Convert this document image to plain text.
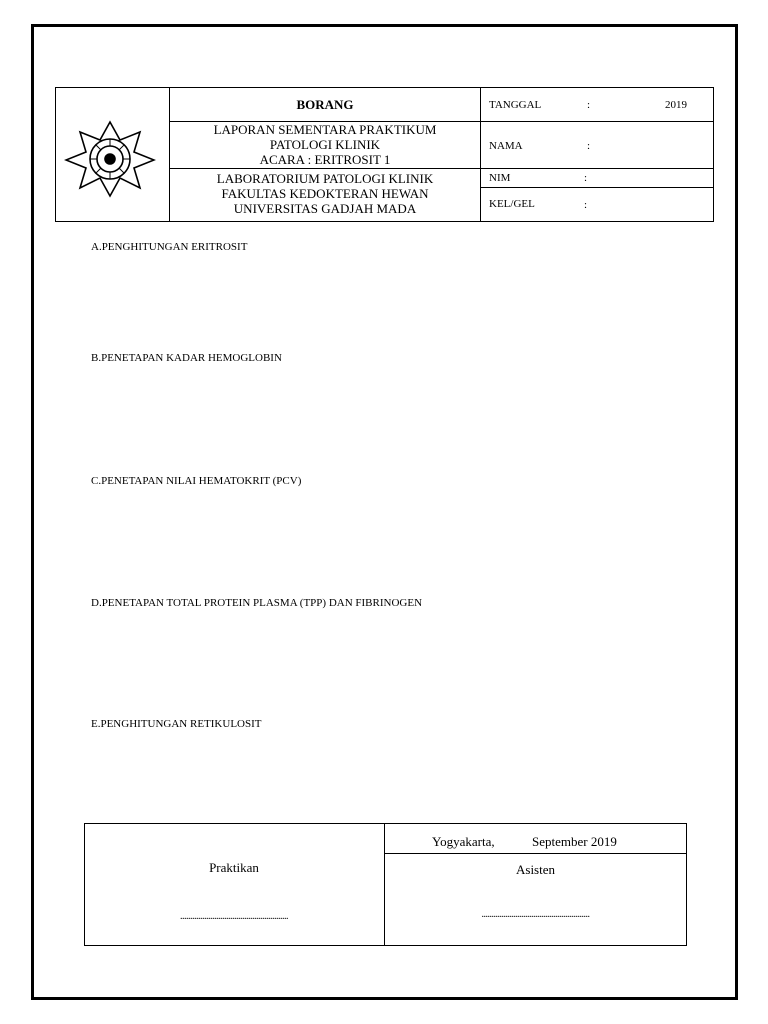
BORANG
LAPORAN SEMENTARA PRAKTIKUM
PATOLOGI KLINIK
ACARA : ERITROSIT 1
LABORATORIUM PATOLOGI KLINIK
FAKULTAS KEDOKTERAN HEWAN
UNIVERSITAS GADJAH MADA
TANGGAL	:	2019
NAMA	:
NIM	:
KEL/GEL	:
A.PENGHITUNGAN ERITROSIT
B.PENETAPAN KADAR HEMOGLOBIN
C.PENETAPAN NILAI HEMATOKRIT (PCV)
D.PENETAPAN TOTAL PROTEIN PLASMA (TPP) DAN FIBRINOGEN
E.PENGHITUNGAN RETIKULOSIT
Praktikan
......................................................
Yogyakarta,	September 2019
Asisten
......................................................
